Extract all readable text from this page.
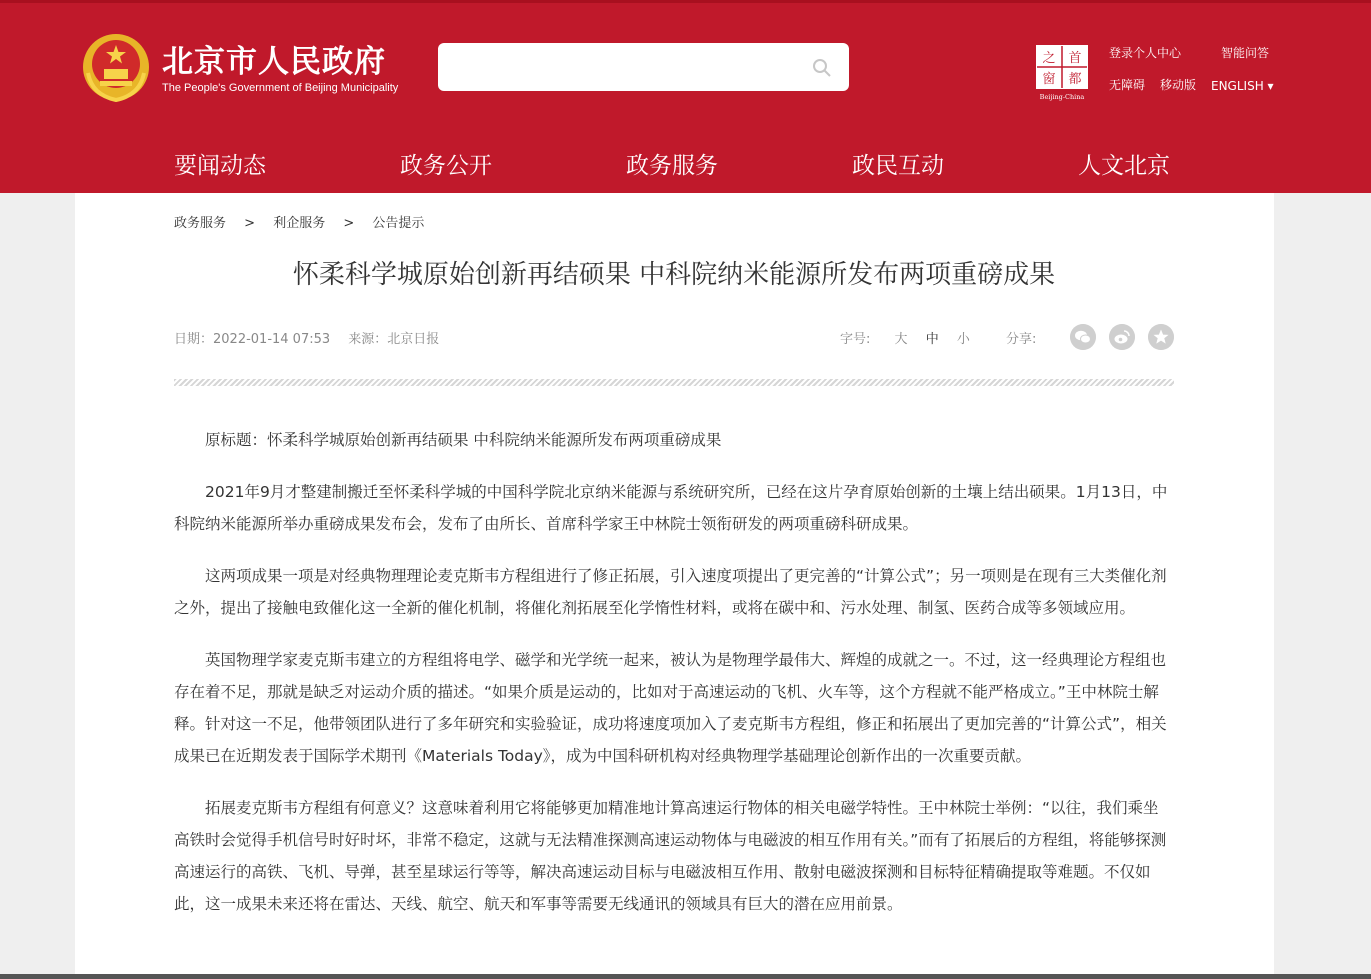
北京市人民政府
The People's Government of Beijing Municipality
之 首
窗 都
Beijing-China
登录个人中心	智能问答
无障碍 移动版 ENGLISH ▾
要闻动态	政务公开	政务服务	政民互动	人文北京
政务服务 > 利企服务 > 公告提示
怀柔科学城原始创新再结硕果 中科院纳米能源所发布两项重磅成果
日期：2022-01-14 07:53 来源：北京日报	字号: 大 中 小	分享:

原标题：怀柔科学城原始创新再结硕果 中科院纳米能源所发布两项重磅成果

2021年9月才整建制搬迁至怀柔科学城的中国科学院北京纳米能源与系统研究所，已经在这片孕育原始创新的土壤上结出硕果。1月13日，中科院纳米能源所举办重磅成果发布会，发布了由所长、首席科学家王中林院士领衔研发的两项重磅科研成果。

这两项成果一项是对经典物理理论麦克斯韦方程组进行了修正拓展，引入速度项提出了更完善的“计算公式”；另一项则是在现有三大类催化剂之外，提出了接触电致催化这一全新的催化机制，将催化剂拓展至化学惰性材料，或将在碳中和、污水处理、制氢、医药合成等多领域应用。

英国物理学家麦克斯韦建立的方程组将电学、磁学和光学统一起来，被认为是物理学最伟大、辉煌的成就之一。不过，这一经典理论方程组也存在着不足，那就是缺乏对运动介质的描述。“如果介质是运动的，比如对于高速运动的飞机、火车等，这个方程就不能严格成立。”王中林院士解释。针对这一不足，他带领团队进行了多年研究和实验验证，成功将速度项加入了麦克斯韦方程组，修正和拓展出了更加完善的“计算公式”，相关成果已在近期发表于国际学术期刊《Materials Today》，成为中国科研机构对经典物理学基础理论创新作出的一次重要贡献。

拓展麦克斯韦方程组有何意义？这意味着利用它将能够更加精准地计算高速运行物体的相关电磁学特性。王中林院士举例：“以往，我们乘坐高铁时会觉得手机信号时好时坏，非常不稳定，这就与无法精准探测高速运动物体与电磁波的相互作用有关。”而有了拓展后的方程组，将能够探测高速运行的高铁、飞机、导弹，甚至星球运行等等，解决高速运动目标与电磁波相互作用、散射电磁波探测和目标特征精确提取等难题。不仅如此，这一成果未来还将在雷达、天线、航空、航天和军事等需要无线通讯的领域具有巨大的潜在应用前景。
